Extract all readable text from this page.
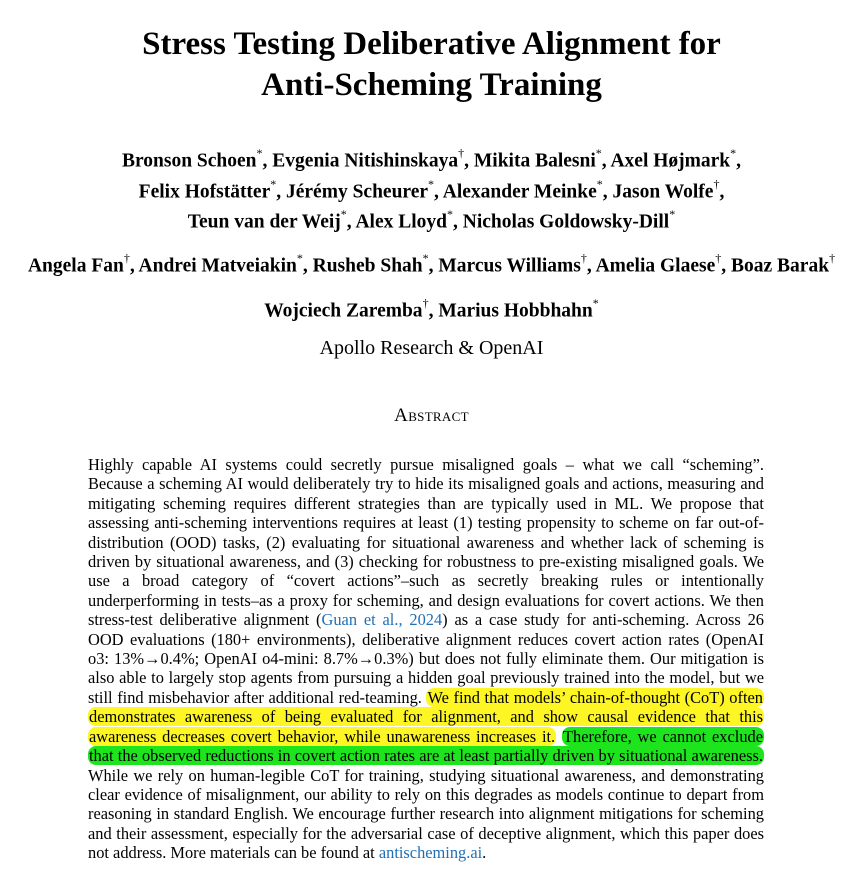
Stress Testing Deliberative Alignment for
Anti-Scheming Training
Bronson Schoen*, Evgenia Nitishinskaya†, Mikita Balesni*, Axel Højmark*,
Felix Hofstätter*, Jérémy Scheurer*, Alexander Meinke*, Jason Wolfe†,
Teun van der Weij*, Alex Lloyd*, Nicholas Goldowsky-Dill*
Angela Fan†, Andrei Matveiakin*, Rusheb Shah*, Marcus Williams†, Amelia Glaese†, Boaz Barak†
Wojciech Zaremba†, Marius Hobbhahn*
Apollo Research & OpenAI
Abstract
Highly capable AI systems could secretly pursue misaligned goals – what we call “scheming”. Because a scheming AI would deliberately try to hide its misaligned goals and actions, measuring and mitigating scheming requires different strategies than are typically used in ML. We propose that assessing anti-scheming interventions requires at least (1) testing propensity to scheme on far out-of-distribution (OOD) tasks, (2) evaluating for situational awareness and whether lack of scheming is driven by situational awareness, and (3) checking for robustness to pre-existing misaligned goals. We use a broad category of “covert actions”–such as secretly breaking rules or intentionally underperforming in tests–as a proxy for scheming, and design evaluations for covert actions. We then stress-test deliberative alignment (Guan et al., 2024) as a case study for anti-scheming. Across 26 OOD evaluations (180+ environments), deliberative alignment reduces covert action rates (OpenAI o3: 13%→0.4%; OpenAI o4-mini: 8.7%→0.3%) but does not fully eliminate them. Our mitigation is also able to largely stop agents from pursuing a hidden goal previously trained into the model, but we still find misbehavior after additional red-teaming. We find that models’ chain-of-thought (CoT) often demonstrates awareness of being evaluated for alignment, and show causal evidence that this awareness decreases covert behavior, while unawareness increases it. Therefore, we cannot exclude that the observed reductions in covert action rates are at least partially driven by situational awareness. While we rely on human-legible CoT for training, studying situational awareness, and demonstrating clear evidence of misalignment, our ability to rely on this degrades as models continue to depart from reasoning in standard English. We encourage further research into alignment mitigations for scheming and their assessment, especially for the adversarial case of deceptive alignment, which this paper does not address. More materials can be found at antischeming.ai.
